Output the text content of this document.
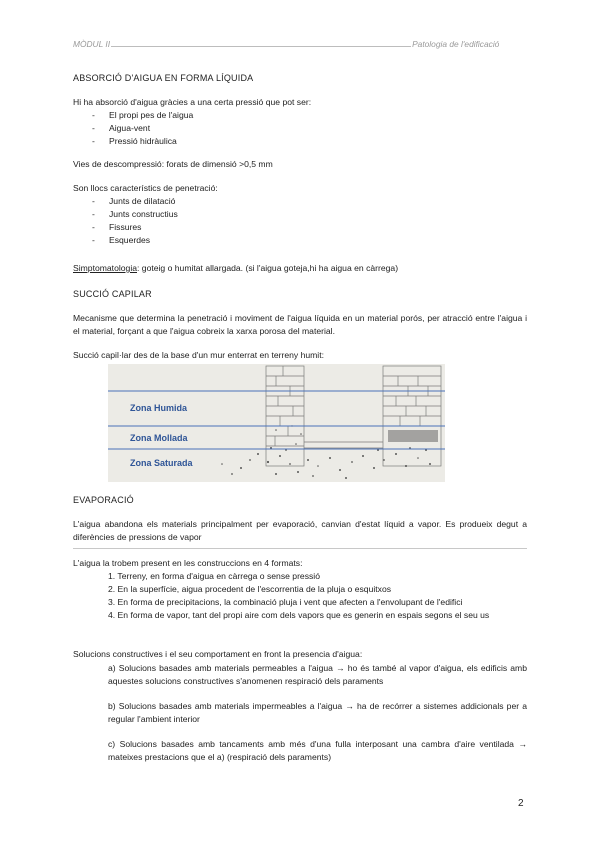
MÒDUL II	Patologia de l'edificació
ABSORCIÓ D'AIGUA EN FORMA LÍQUIDA
Hi ha absorció d'aigua gràcies a una certa pressió que pot ser:
- El propi pes de l'aigua
- Aigua-vent
- Pressió hidràulica
Vies de descompressió: forats de dimensió >0,5 mm
Son llocs característics de penetració:
- Junts de dilatació
- Junts constructius
- Fissures
- Esquerdes
Simptomatologia: goteig o humitat allargada. (si l'aigua goteja,hi ha aigua en càrrega)
SUCCIÓ CAPILAR
Mecanisme que determina la penetració i moviment de l'aigua líquida en un material porós, per atracció entre l'aigua i el material, forçant a que l'aigua cobreix la xarxa porosa del material.
Succió capil·lar des de la base d'un mur enterrat en terreny humit:
Zona Humida
Zona Mollada
Zona Saturada
EVAPORACIÓ
L'aigua abandona els materials principalment per evaporació, canvian d'estat líquid a vapor. Es produeix degut a diferències de pressions de vapor
L'aigua la trobem present en les construccions en 4 formats:
1. Terreny, en forma d'aigua en càrrega o sense pressió
2. En la superfície, aigua procedent de l'escorrentia de la pluja o esquitxos
3. En forma de precipitacions, la combinació pluja i vent que afecten a l'envolupant de l'edifici
4. En forma de vapor, tant del propi aire com dels vapors que es generin en espais segons el seu us
Solucions constructives i el seu comportament en front la presencia d'aigua:
a) Solucions basades amb materials permeables a l'aigua → ho és també al vapor d'aigua, els edificis amb aquestes solucions constructives s'anomenen respiració dels paraments
b) Solucions basades amb materials impermeables a l'aigua → ha de recórrer a sistemes addicionals per a regular l'ambient interior
c) Solucions basades amb tancaments amb més d'una fulla interposant una cambra d'aire ventilada → mateixes prestacions que el a) (respiració dels paraments)
2
